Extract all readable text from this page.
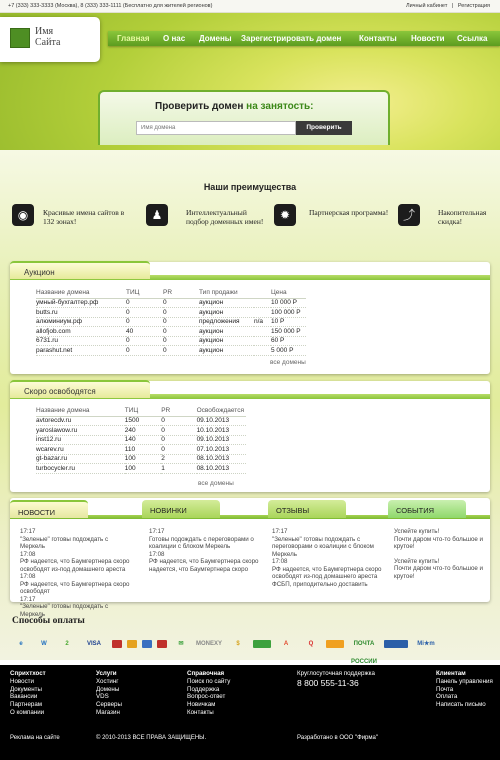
+7 (333) 333-3333 (Москва), 8 (333) 333-1111 (Бесплатно для жителей регионов)	Личный кабинет | Регистрация
Имя
Сайта	Главная О нас Домены Зарегистрировать домен Контакты Новости Ссылка
Проверить домен на занятость:
Имя домена
Проверить
Наши преимущества
◉	Красивые имена сайтов в 132 зонах!	♟	Интеллектуальный подбор доменных имен!	✹	Партнерская программа!	⤴	Накопительная скидка!
Аукцион
Название домена	ТИЦ	PR	Тип продажи		Цена
умный-бухгалтер.рф	0	0	аукцион		10 000 Р
butts.ru	0	0	аукцион		100 000 Р
алюминиум.рф	0	0	предложения	n/a	10 Р
allofjob.com	40	0	аукцион		150 000 Р
6731.ru	0	0	аукцион		60 Р
parashut.net	0	0	аукцион		5 000 Р
все домены
Скоро освободятся
Название домена	ТИЦ	PR	Освобождается
avtorecdv.ru	1500	0	09.10.2013
yaroslawow.ru	240	0	10.10.2013
inst12.ru	140	0	09.10.2013
wcarev.ru	110	0	07.10.2013
gt-bazar.ru	100	2	08.10.2013
turbocycler.ru	100	1	08.10.2013
все домены
НОВОСТИ	НОВИНКИ	ОТЗЫВЫ	СОБЫТИЯ
17:17
"Зеленые" готовы подождать с Меркель
17:08
РФ надеется, что Баумгертнера скоро освободят из-под домашнего ареста
17:08
РФ надеется, что Баумгертнера скоро освободят
17:17
"Зеленые" готовы подождать с Меркель
17:17
Готовы подождать с переговорами о коалиции с блоком Меркель
17:08
РФ надеется, что Баумгертнера скоро надеется, что Баумгертнера скоро
17:17
"Зеленые" готовы подождать с переговорами о коалиции с блоком Меркель
17:08
РФ надеется, что Баумгертнера скоро освободят из-под домашнего ареста ФСБП, приподительно доставить
Успейте купить!
Почти даром что-то большое и крутое!
Успейте купить!
Почти даром что-то большое и крутое!
Способы оплаты
e	W	2	VISA	✉	MONEXY	$	A	Q	ПОЧТА РОССИИ
Mi★m
Сприхтхост
Новости
Документы
Вакансии
Партнерам
О компании
Услуги
Хостинг
Домены
VDS
Серверы
Магазин
Справочная
Поиск по сайту
Поддержка
Вопрос-ответ
Новичкам
Контакты
Круглосуточная поддержка
8 800 555-11-36
Клиентам
Панель управления
Почта
Оплата
Написать письмо
Реклама на сайте	© 2010-2013 ВСЕ ПРАВА ЗАЩИЩЕНЫ.	Разработано в ООО "Фирма"
